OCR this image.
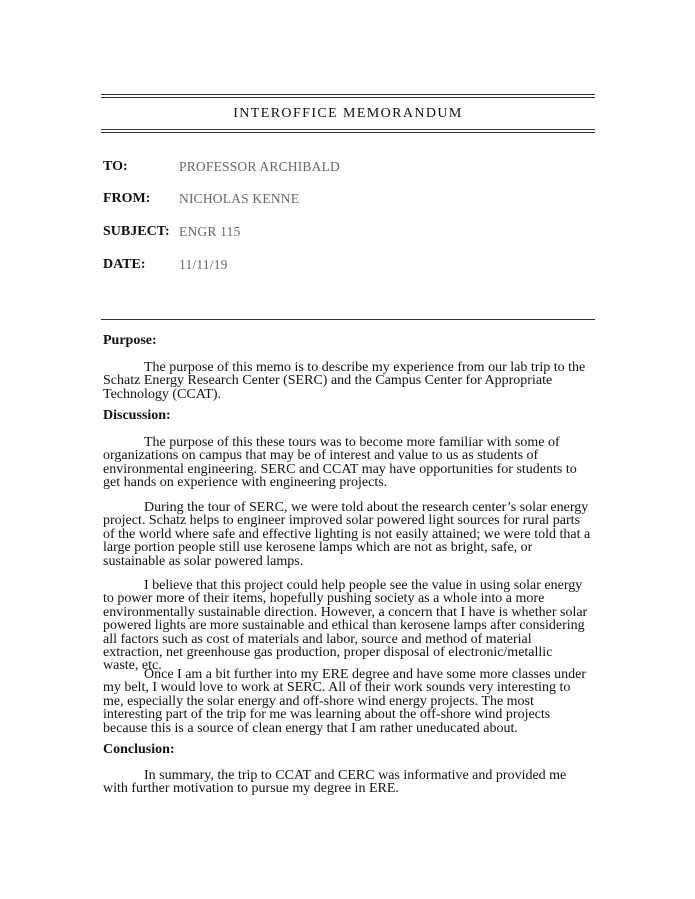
INTEROFFICE MEMORANDUM
TO:	PROFESSOR ARCHIBALD
FROM: NICHOLAS KENNE
SUBJECT: ENGR 115
DATE: 11/11/19
Purpose:

The purpose of this memo is to describe my experience from our lab trip to the Schatz Energy Research Center (SERC) and the Campus Center for Appropriate Technology (CCAT).

Discussion:

The purpose of this these tours was to become more familiar with some of organizations on campus that may be of interest and value to us as students of environmental engineering. SERC and CCAT may have opportunities for students to get hands on experience with engineering projects.

During the tour of SERC, we were told about the research center’s solar energy project. Schatz helps to engineer improved solar powered light sources for rural parts of the world where safe and effective lighting is not easily attained; we were told that a large portion people still use kerosene lamps which are not as bright, safe, or sustainable as solar powered lamps.

I believe that this project could help people see the value in using solar energy to power more of their items, hopefully pushing society as a whole into a more environmentally sustainable direction. However, a concern that I have is whether solar powered lights are more sustainable and ethical than kerosene lamps after considering all factors such as cost of materials and labor, source and method of material extraction, net greenhouse gas production, proper disposal of electronic/metallic waste, etc.

Once I am a bit further into my ERE degree and have some more classes under my belt, I would love to work at SERC. All of their work sounds very interesting to me, especially the solar energy and off-shore wind energy projects. The most interesting part of the trip for me was learning about the off-shore wind projects because this is a source of clean energy that I am rather uneducated about.

Conclusion:

In summary, the trip to CCAT and CERC was informative and provided me with further motivation to pursue my degree in ERE.
